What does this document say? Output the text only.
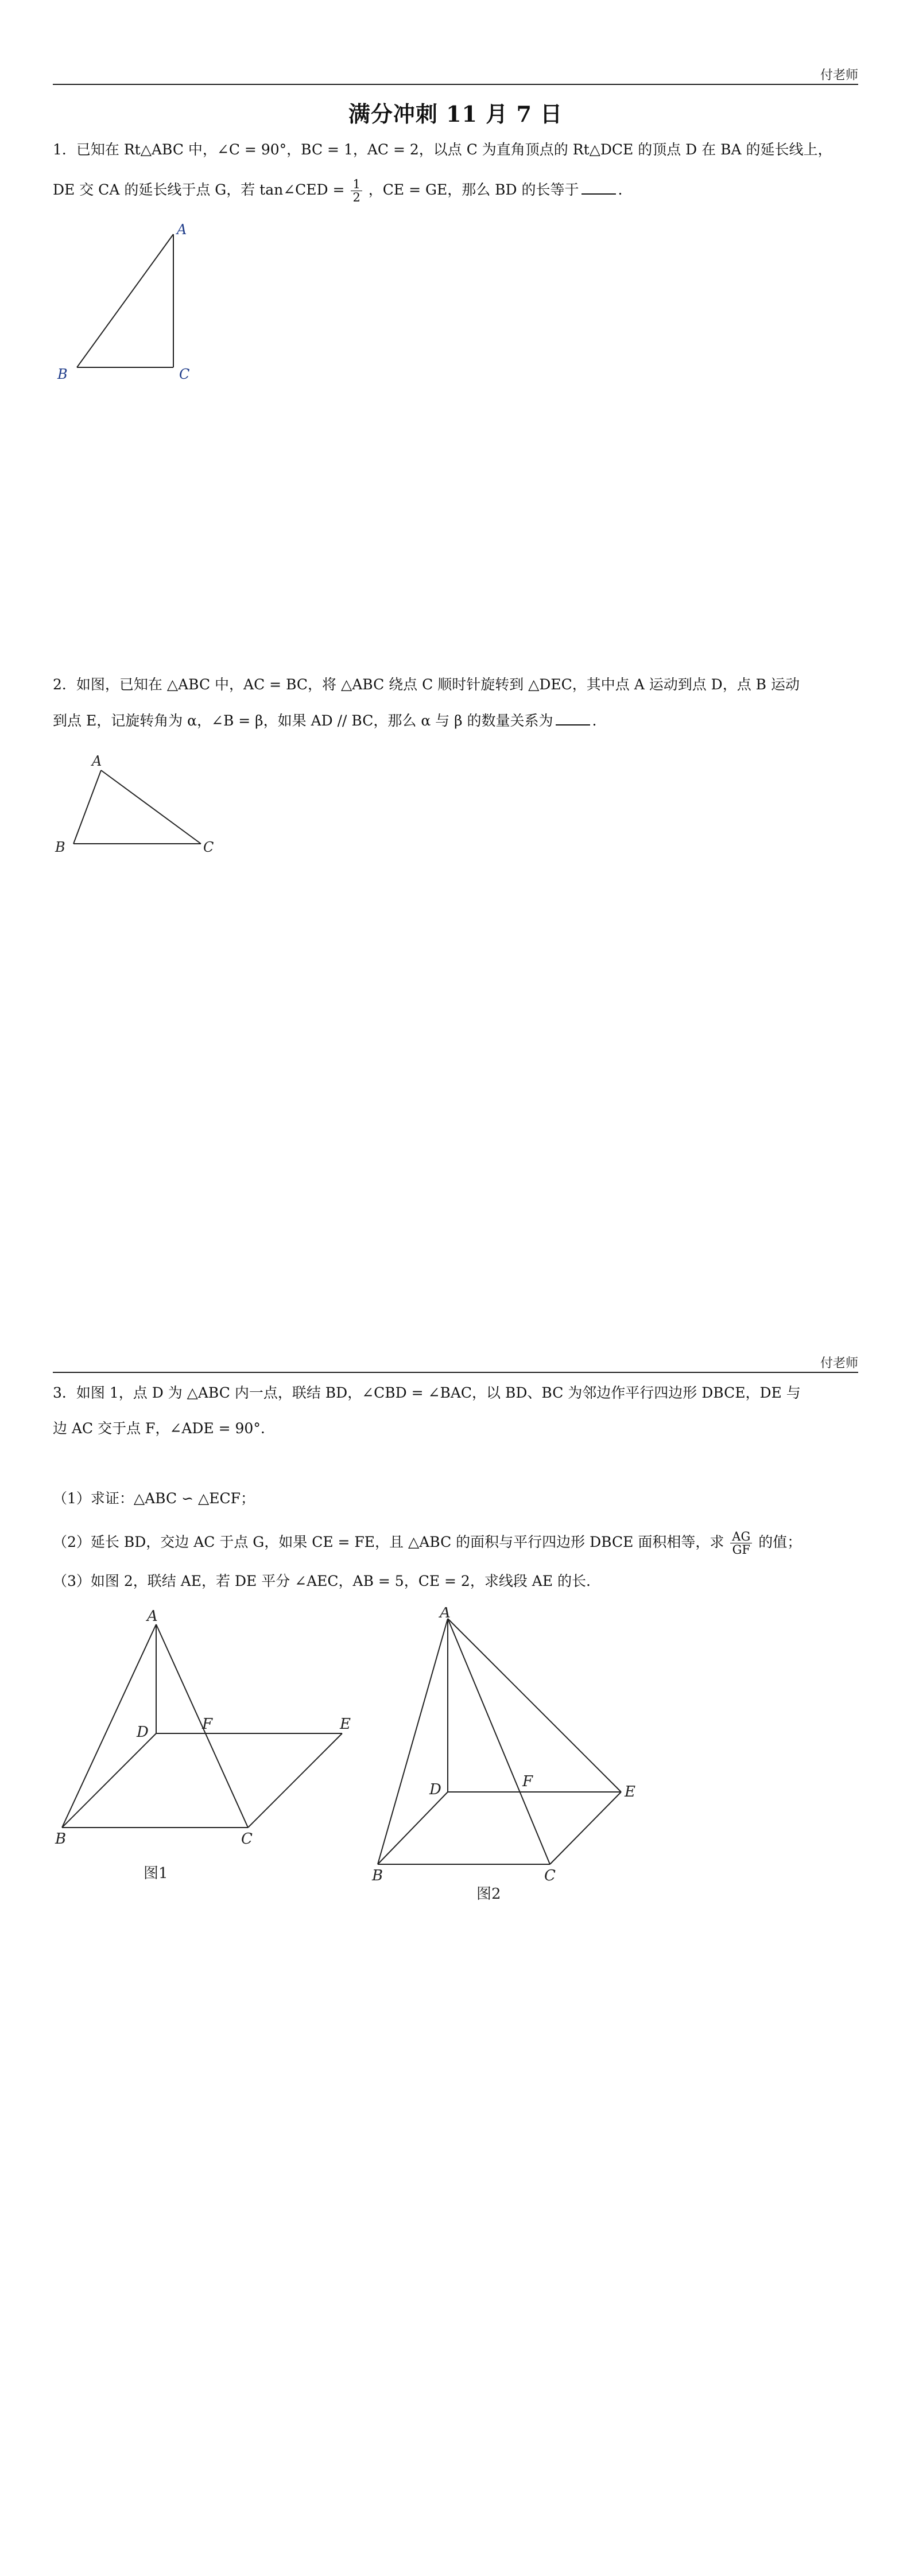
付老师
满分冲刺 11 月 7 日
1．已知在 Rt△ABC 中，∠C = 90°，BC = 1，AC = 2，以点 C 为直角顶点的 Rt△DCE 的顶点 D 在 BA 的延长线上，
DE 交 CA 的延长线于点 G，若 tan∠CED = $\frac{1}{2}$ ，CE = GE，那么 BD 的长等于	.
A
B	C
2．如图，已知在 △ABC 中，AC = BC，将 △ABC 绕点 C 顺时针旋转到 △DEC，其中点 A 运动到点 D，点 B 运动
到点 E，记旋转角为 α，∠B = β，如果 AD // BC，那么 α 与 β 的数量关系为	.
A
B	C
付老师
3．如图 1，点 D 为 △ABC 内一点，联结 BD，∠CBD = ∠BAC，以 BD、BC 为邻边作平行四边形 DBCE，DE 与
边 AC 交于点 F，∠ADE = 90°.
（1）求证：△ABC ∽ △ECF；
（2）延长 BD，交边 AC 于点 G，如果 CE = FE，且 △ABC 的面积与平行四边形 DBCE 面积相等，求 $\frac{AG}{GF}$ 的值；
（3）如图 2，联结 AE，若 DE 平分 ∠AEC，AB = 5，CE = 2，求线段 AE 的长.
A
B	C
D	E
F
图1
A
B	C
D	E
F
图2
